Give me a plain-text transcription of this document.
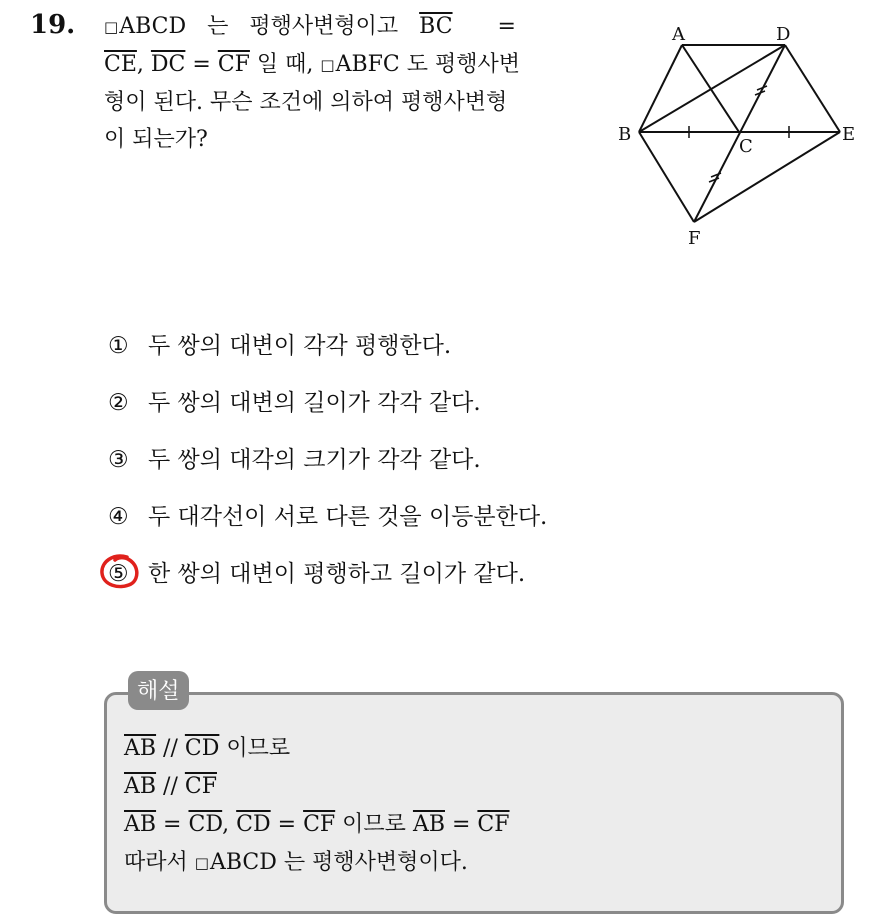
19. □ABCD 는 평행사변형이고 $\overline{BC}$ =
$\overline{CE}$, $\overline{DC} = \overline{CF}$ 일 때, □ABFC 도 평행사변
형이 된다. 무슨 조건에 의하여 평행사변형
이 되는가?
A	D
B
C
E
F
① 두 쌍의 대변이 각각 평행한다.
② 두 쌍의 대변의 길이가 각각 같다.
③ 두 쌍의 대각의 크기가 각각 같다.
④ 두 대각선이 서로 다른 것을 이등분한다.
⑤ 한 쌍의 대변이 평행하고 길이가 같다.
해설
$\overline{AB} // \overline{CD}$ 이므로
$\overline{AB} // \overline{CF}$
$\overline{AB} = \overline{CD}$, $\overline{CD} = \overline{CF}$ 이므로 $\overline{AB} = \overline{CF}$
따라서 □ABCD 는 평행사변형이다.
